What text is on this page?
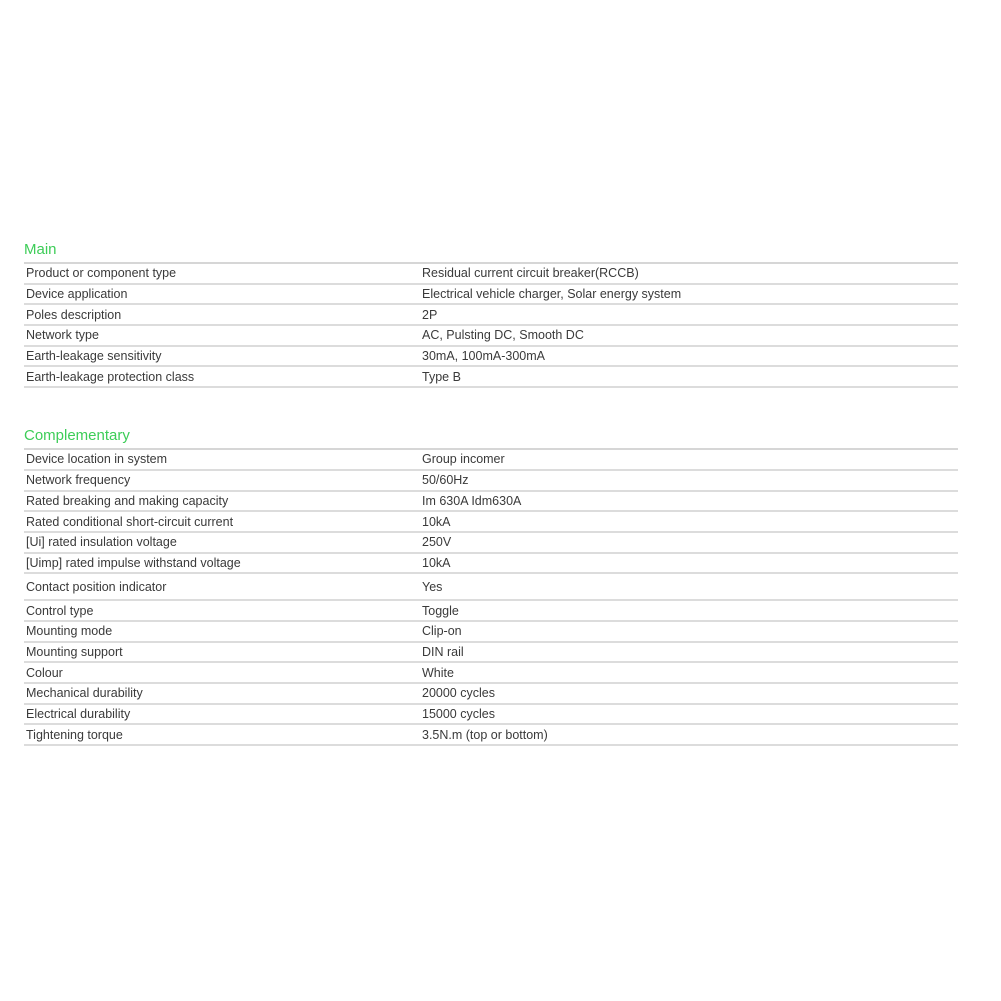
Main
Product or component type	Residual current circuit breaker(RCCB)
Device application	Electrical vehicle charger, Solar energy system
Poles description	2P
Network type	AC, Pulsting DC, Smooth DC
Earth-leakage sensitivity	30mA, 100mA-300mA
Earth-leakage protection class	Type B
Complementary
Device location in system	Group incomer
Network frequency	50/60Hz
Rated breaking and making capacity	Im 630A Idm630A
Rated conditional short-circuit current	10kA
[Ui] rated insulation voltage	250V
[Uimp] rated impulse withstand voltage	10kA
Contact position indicator	Yes
Control type	Toggle
Mounting mode	Clip-on
Mounting support	DIN rail
Colour	White
Mechanical durability	20000 cycles
Electrical durability	15000 cycles
Tightening torque	3.5N.m (top or bottom)
